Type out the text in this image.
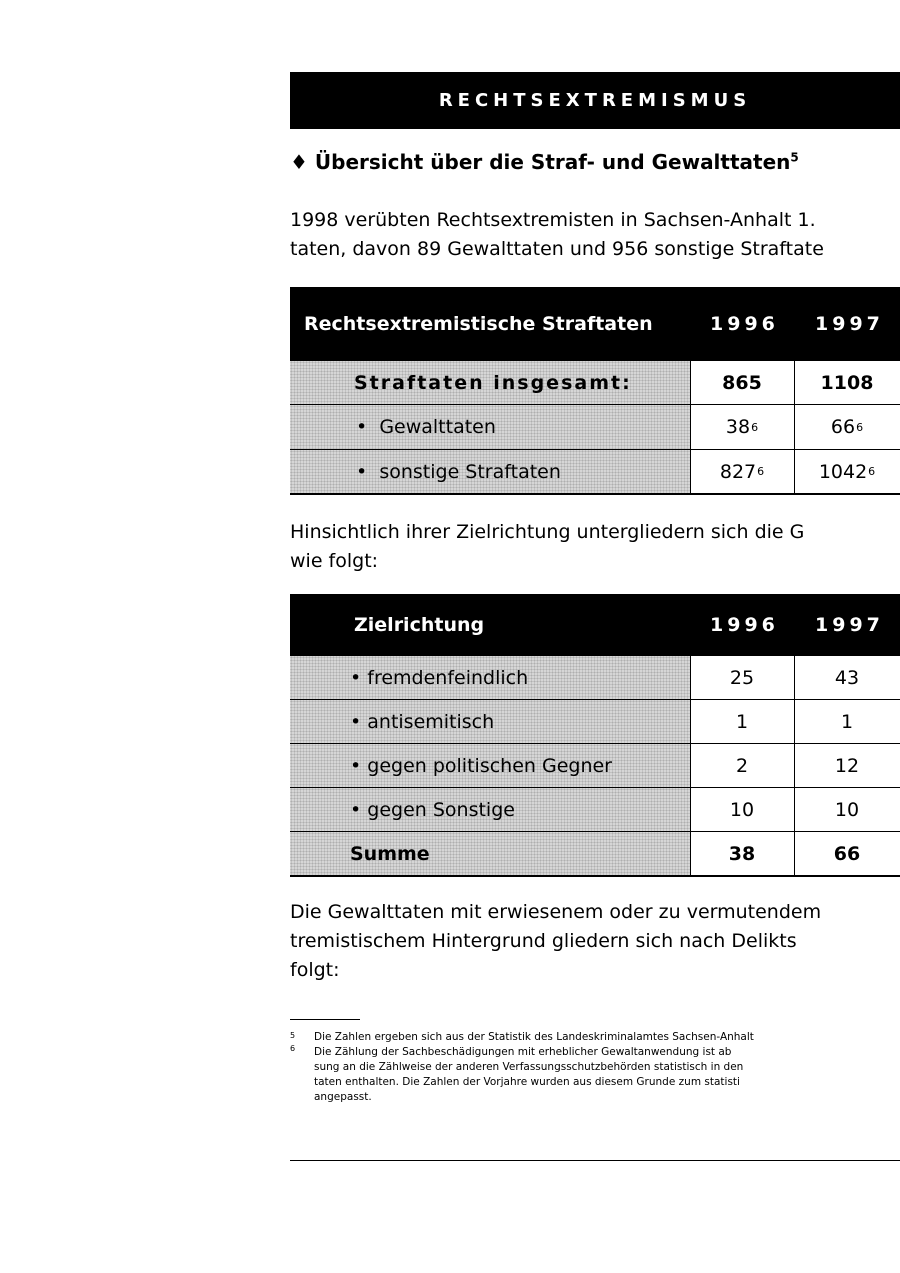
RECHTSEXTREMISMUS
♦ Übersicht über die Straf- und Gewalttaten$^5$
1998 verübten Rechtsextremisten in Sachsen-Anhalt 1.
taten, davon 89 Gewalttaten und 956 sonstige Straftate
Rechtsextremistische Straftaten	1996 1997
Straftaten insgesamt:	865	1108
• Gewalttaten	38 6	66 6
• sonstige Straftaten	827 6	1042 6
Hinsichtlich ihrer Zielrichtung untergliedern sich die G
wie folgt:
Zielrichtung	1996 1997
• fremdenfeindlich	25	43
• antisemitisch	1	1
• gegen politischen Gegner	2	12
• gegen Sonstige	10	10
Summe	38	66
Die Gewalttaten mit erwiesenem oder zu vermutendem
tremistischem Hintergrund gliedern sich nach Delikts
folgt:
5 Die Zahlen ergeben sich aus der Statistik des Landeskriminalamtes Sachsen-Anhalt
6 Die Zählung der Sachbeschädigungen mit erheblicher Gewaltanwendung ist ab
sung an die Zählweise der anderen Verfassungsschutzbehörden statistisch in den
taten enthalten. Die Zahlen der Vorjahre wurden aus diesem Grunde zum statisti
angepasst.
